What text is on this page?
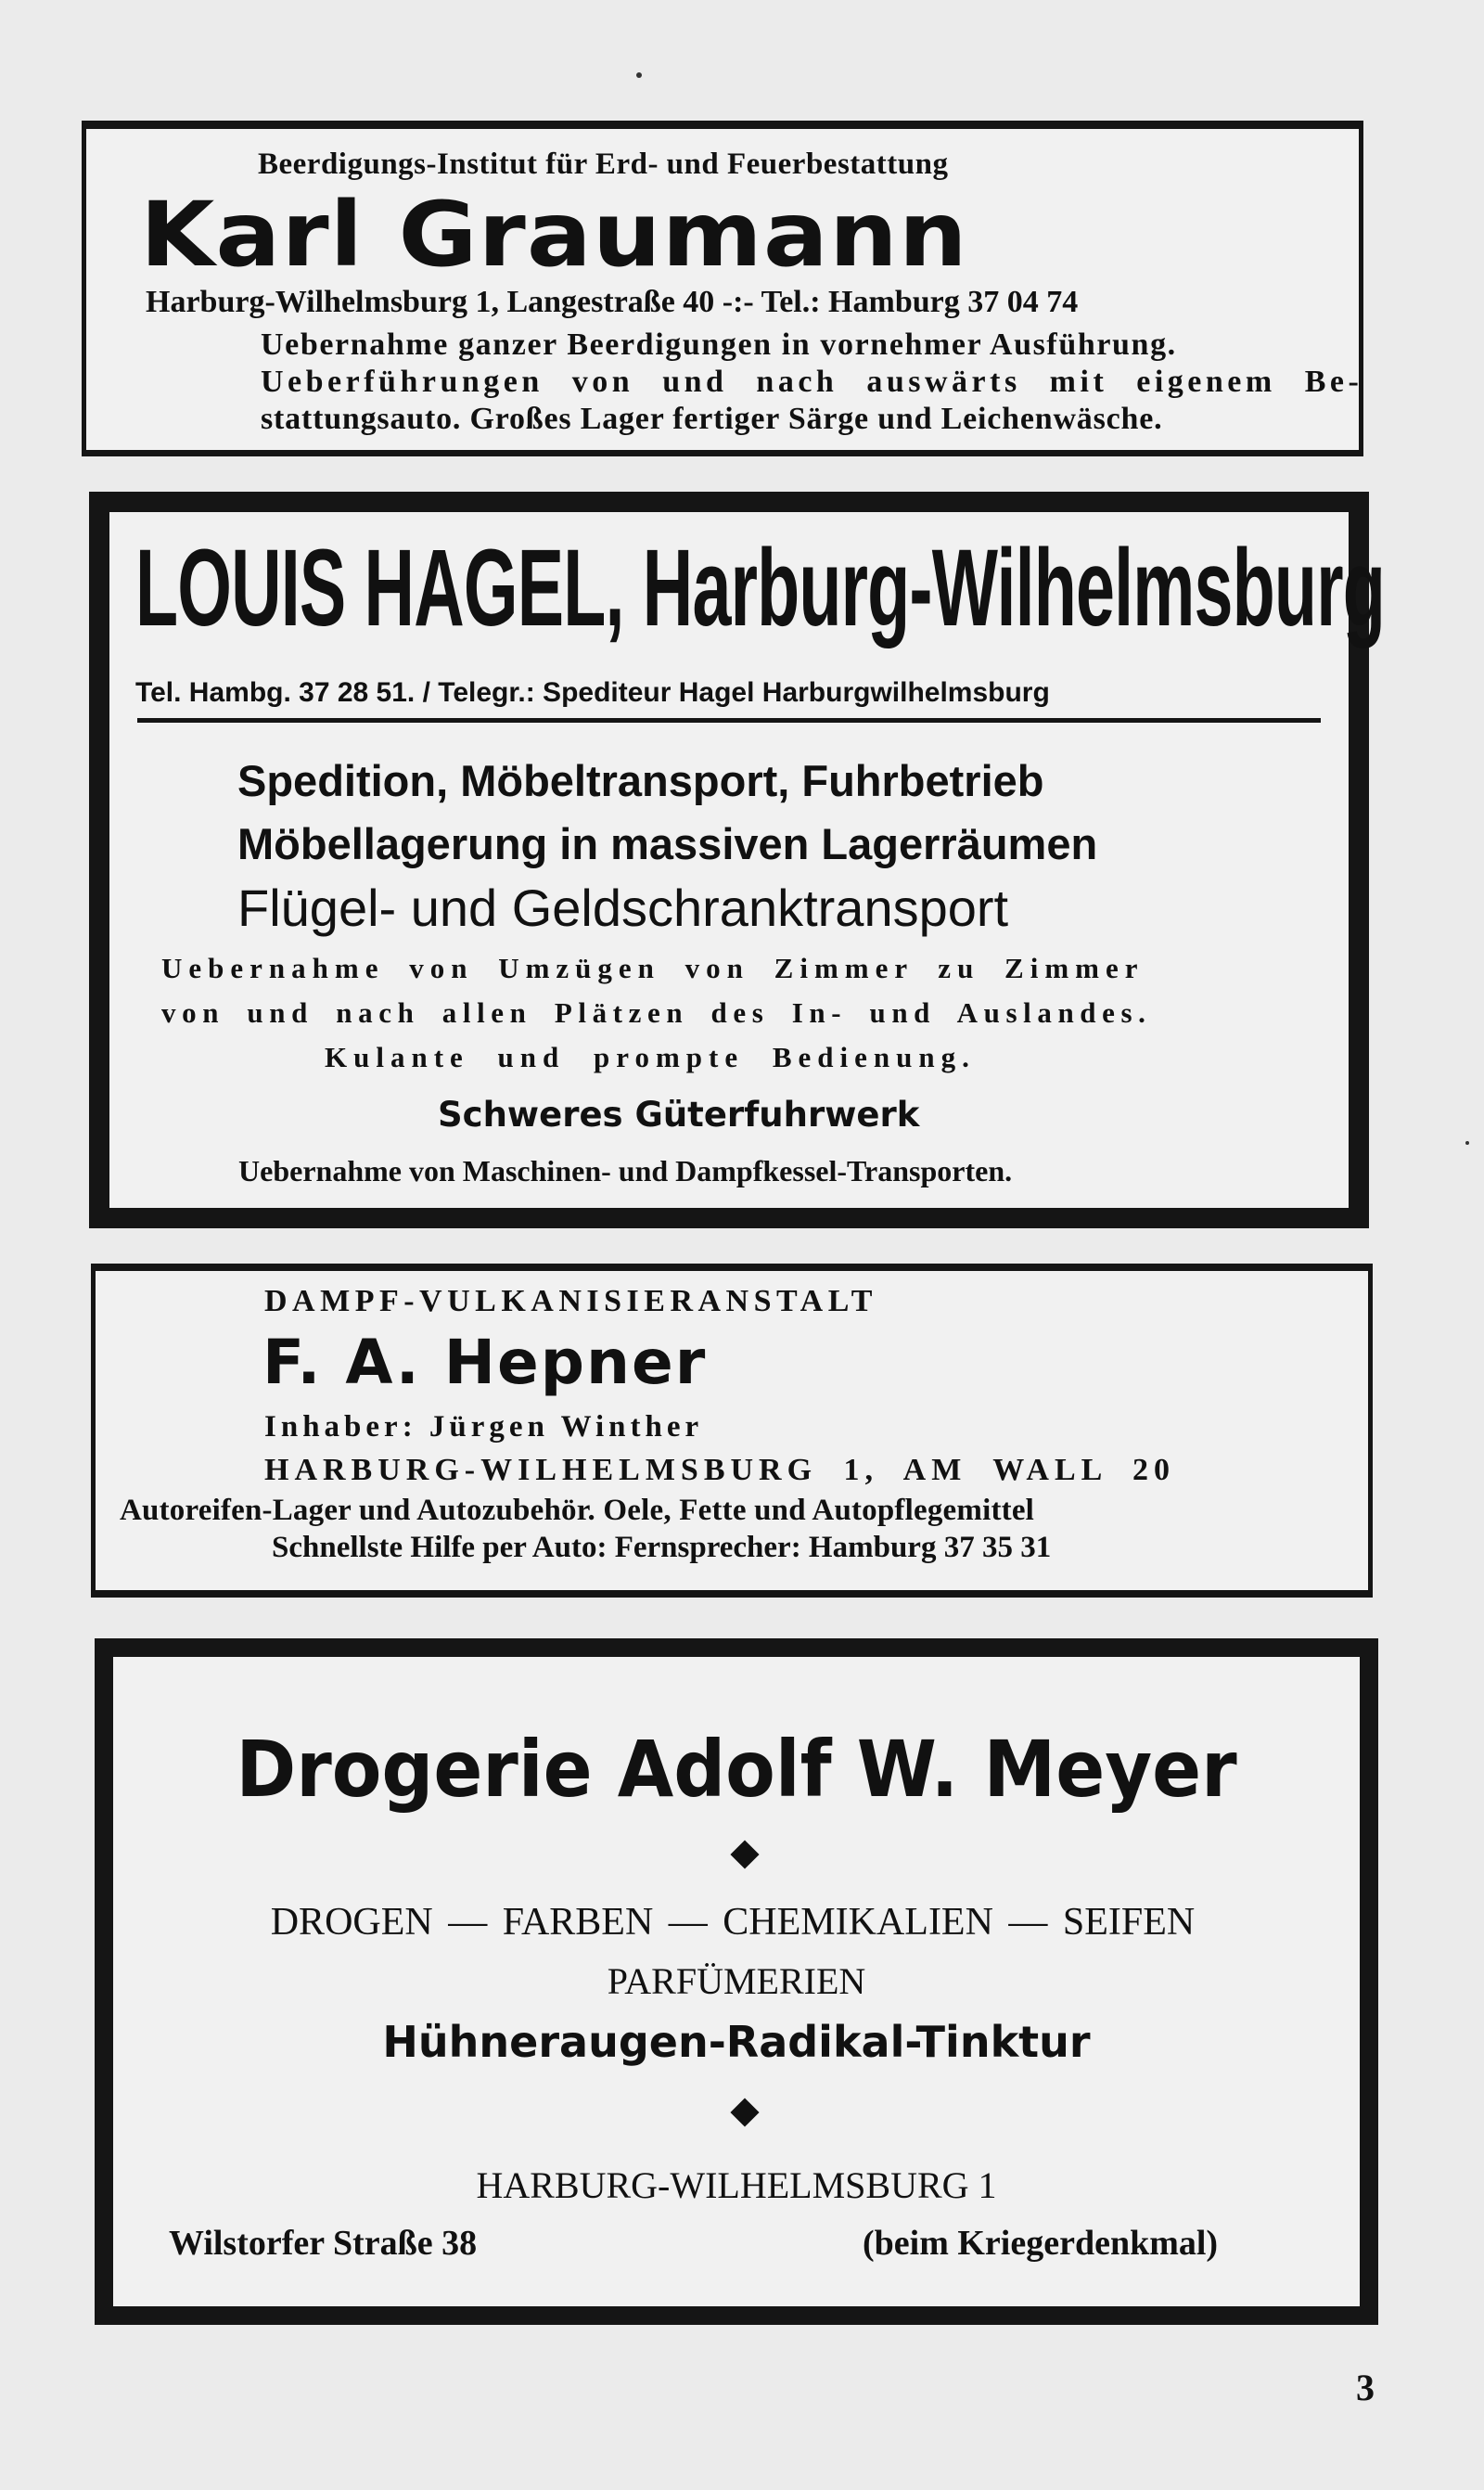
Beerdigungs-Institut für Erd- und Feuerbestattung
Karl Graumann
Harburg-Wilhelmsburg 1, Langestraße 40 -:- Tel.: Hamburg 37 04 74
Uebernahme ganzer Beerdigungen in vornehmer Ausführung.
Ueberführungen von und nach auswärts mit eigenem Be-
stattungsauto. Großes Lager fertiger Särge und Leichenwäsche.
LOUIS HAGEL, Harburg-Wilhelmsburg
Tel. Hambg. 37 28 51. / Telegr.: Spediteur Hagel Harburgwilhelmsburg
Spedition, Möbeltransport, Fuhrbetrieb
Möbellagerung in massiven Lagerräumen
Flügel- und Geldschranktransport
Uebernahme von Umzügen von Zimmer zu Zimmer
von und nach allen Plätzen des In- und Auslandes.
Kulante und prompte Bedienung.
Schweres Güterfuhrwerk
Uebernahme von Maschinen- und Dampfkessel-Transporten.
DAMPF-VULKANISIERANSTALT
F. A. Hepner
Inhaber: Jürgen Winther
HARBURG-WILHELMSBURG 1, AM WALL 20
Autoreifen-Lager und Autozubehör. Oele, Fette und Autopflegemittel
Schnellste Hilfe per Auto: Fernsprecher: Hamburg 37 35 31
Drogerie Adolf W. Meyer
DROGEN — FARBEN — CHEMIKALIEN — SEIFEN
PARFÜMERIEN
Hühneraugen-Radikal-Tinktur
HARBURG-WILHELMSBURG 1
Wilstorfer Straße 38	(beim Kriegerdenkmal)
3
